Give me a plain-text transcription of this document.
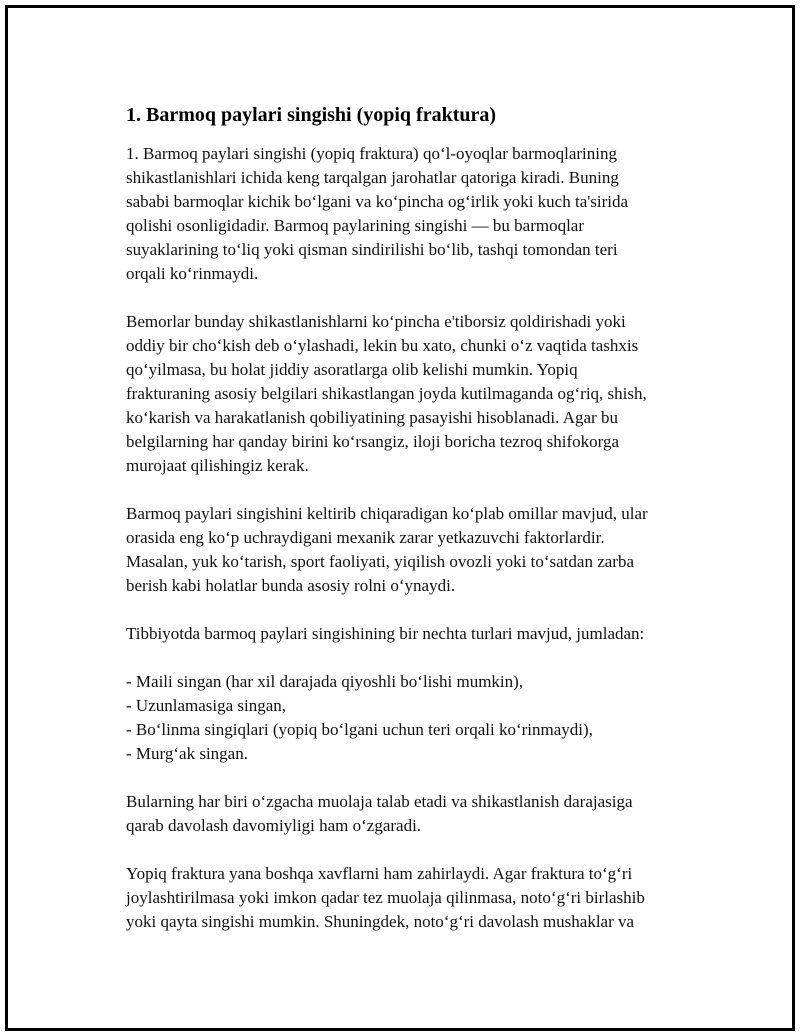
1. Barmoq paylari singishi (yopiq fraktura)

1. Barmoq paylari singishi (yopiq fraktura) qo‘l-oyoqlar barmoqlarining
shikastlanishlari ichida keng tarqalgan jarohatlar qatoriga kiradi. Buning
sababi barmoqlar kichik bo‘lgani va ko‘pincha og‘irlik yoki kuch ta'sirida
qolishi osonligidadir. Barmoq paylarining singishi — bu barmoqlar
suyaklarining to‘liq yoki qisman sindirilishi bo‘lib, tashqi tomondan teri
orqali ko‘rinmaydi.

Bemorlar bunday shikastlanishlarni ko‘pincha e'tiborsiz qoldirishadi yoki
oddiy bir cho‘kish deb o‘ylashadi, lekin bu xato, chunki o‘z vaqtida tashxis
qo‘yilmasa, bu holat jiddiy asoratlarga olib kelishi mumkin. Yopiq
frakturaning asosiy belgilari shikastlangan joyda kutilmaganda og‘riq, shish,
ko‘karish va harakatlanish qobiliyatining pasayishi hisoblanadi. Agar bu
belgilarning har qanday birini ko‘rsangiz, iloji boricha tezroq shifokorga
murojaat qilishingiz kerak.

Barmoq paylari singishini keltirib chiqaradigan ko‘plab omillar mavjud, ular
orasida eng ko‘p uchraydigani mexanik zarar yetkazuvchi faktorlardir.
Masalan, yuk ko‘tarish, sport faoliyati, yiqilish ovozli yoki to‘satdan zarba
berish kabi holatlar bunda asosiy rolni o‘ynaydi.

Tibbiyotda barmoq paylari singishining bir nechta turlari mavjud, jumladan:

- Maili singan (har xil darajada qiyoshli bo‘lishi mumkin),
- Uzunlamasiga singan,
- Bo‘linma singiqlari (yopiq bo‘lgani uchun teri orqali ko‘rinmaydi),
- Murg‘ak singan.

Bularning har biri o‘zgacha muolaja talab etadi va shikastlanish darajasiga
qarab davolash davomiyligi ham o‘zgaradi.

Yopiq fraktura yana boshqa xavflarni ham zahirlaydi. Agar fraktura to‘g‘ri
joylashtirilmasa yoki imkon qadar tez muolaja qilinmasa, noto‘g‘ri birlashib
yoki qayta singishi mumkin. Shuningdek, noto‘g‘ri davolash mushaklar va
